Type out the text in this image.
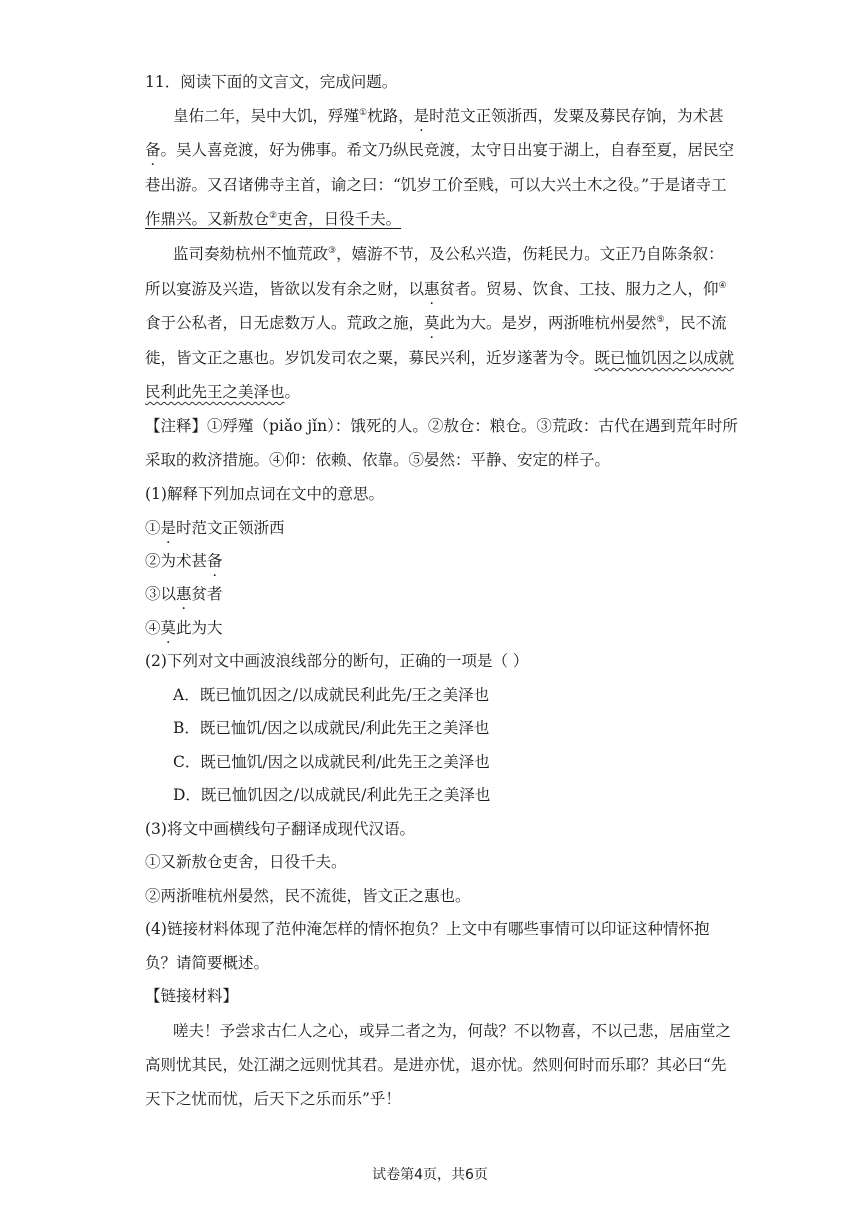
11．阅读下面的文言文，完成问题。
皇佑二年，吴中大饥，殍殣①枕路，是时范文正领浙西，发粟及募民存饷，为术甚
备。吴人喜竞渡，好为佛事。希文乃纵民竞渡，太守日出宴于湖上，自春至夏，居民空
巷出游。又召诸佛寺主首，谕之曰：“饥岁工价至贱，可以大兴土木之役。”于是诸寺工
作鼎兴。又新敖仓②吏舍，日役千夫。
监司奏劾杭州不恤荒政③，嬉游不节，及公私兴造，伤耗民力。文正乃自陈条叙：
所以宴游及兴造，皆欲以发有余之财，以惠贫者。贸易、饮食、工技、服力之人，仰④
食于公私者，日无虑数万人。荒政之施，莫此为大。是岁，两浙唯杭州晏然⑤，民不流
徙，皆文正之惠也。岁饥发司农之粟，募民兴利，近岁遂著为令。既已恤饥因之以成就
民利此先王之美泽也。
【注释】①殍殣（piǎo jǐn）：饿死的人。②敖仓：粮仓。③荒政：古代在遇到荒年时所
采取的救济措施。④仰：依赖、依靠。⑤晏然：平静、安定的样子。
(1)解释下列加点词在文中的意思。
①是时范文正领浙西
②为术甚备
③以惠贫者
④莫此为大
(2)下列对文中画波浪线部分的断句，正确的一项是（ ）
A．既已恤饥因之/以成就民利此先/王之美泽也
B．既已恤饥/因之以成就民/利此先王之美泽也
C．既已恤饥/因之以成就民利/此先王之美泽也
D．既已恤饥因之/以成就民/利此先王之美泽也
(3)将文中画横线句子翻译成现代汉语。
①又新敖仓吏舍，日役千夫。
②两浙唯杭州晏然，民不流徙，皆文正之惠也。
(4)链接材料体现了范仲淹怎样的情怀抱负？上文中有哪些事情可以印证这种情怀抱
负？请简要概述。
【链接材料】
嗟夫！予尝求古仁人之心，或异二者之为，何哉？不以物喜，不以己悲，居庙堂之
高则忧其民，处江湖之远则忧其君。是进亦忧，退亦忧。然则何时而乐耶？其必曰“先
天下之忧而忧，后天下之乐而乐”乎！
试卷第4页，共6页
